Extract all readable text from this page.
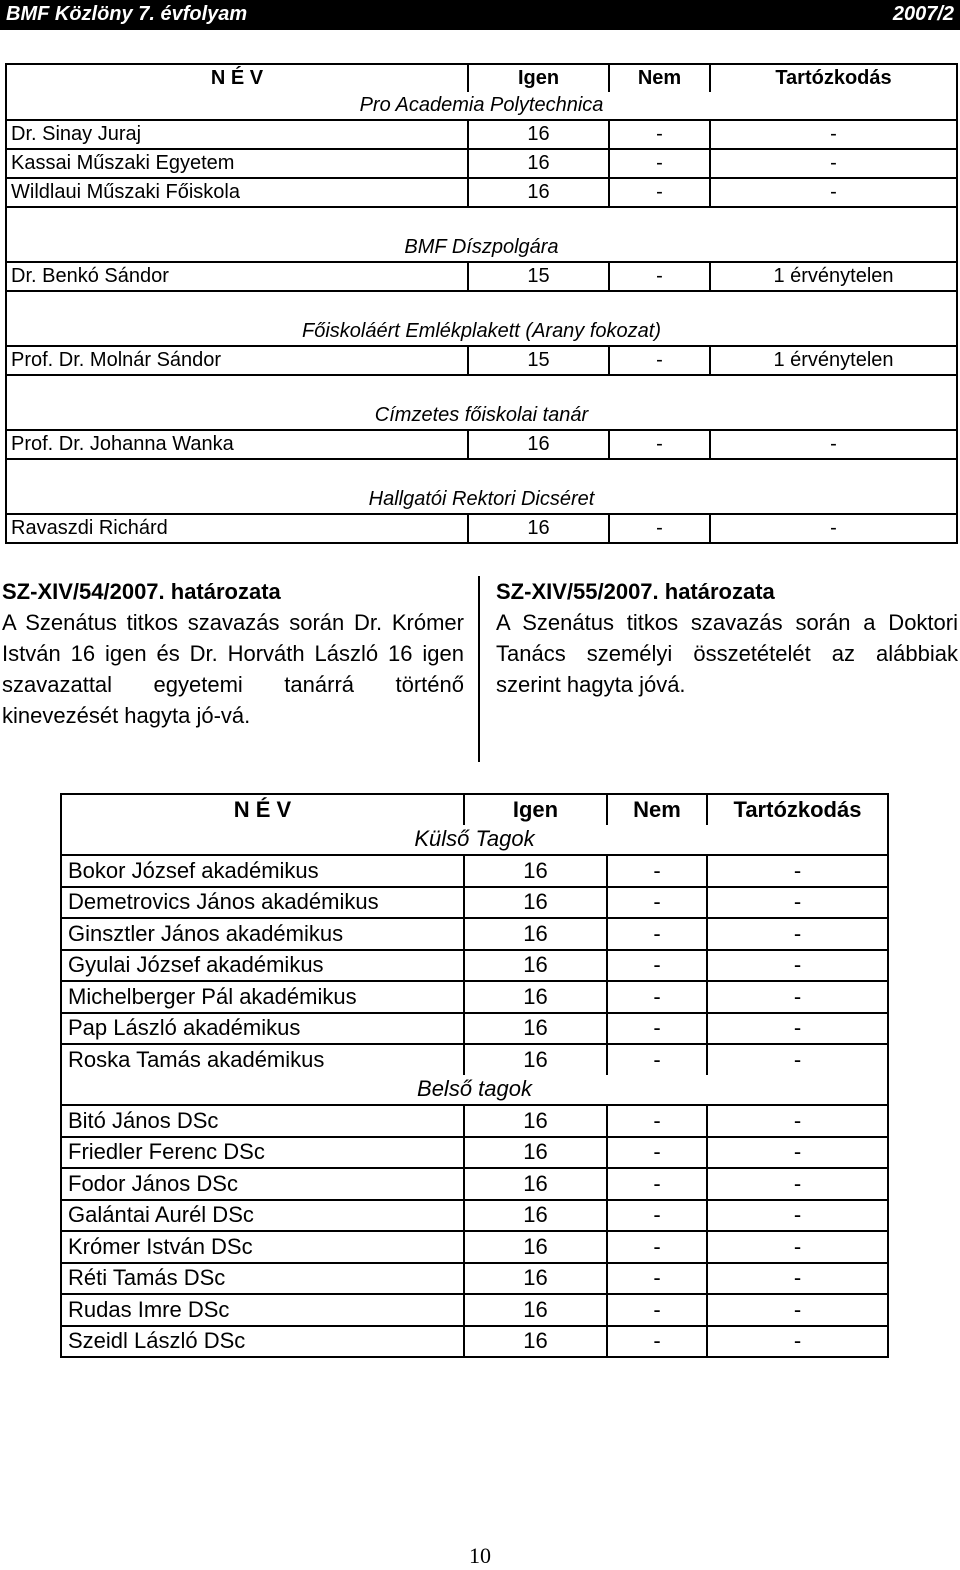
BMF Közlöny 7. évfolyam	2007/2
N É V	Igen	Nem	Tartózkodás
Pro Academia Polytechnica			
Dr. Sinay Juraj	16	-	-
Kassai Műszaki Egyetem	16	-	-
Wildlaui Műszaki Főiskola	16	-	-

BMF Díszpolgára			
Dr. Benkó Sándor	15	-	1 érvénytelen

Főiskoláért Emlékplakett (Arany fokozat)			
Prof. Dr. Molnár Sándor	15	-	1 érvénytelen

Címzetes főiskolai tanár			
Prof. Dr. Johanna Wanka	16	-	-

Hallgatói Rektori Dicséret			
Ravaszdi Richárd	16	-	-
SZ-XIV/54/2007. határozata
A Szenátus titkos szavazás során Dr. Krómer István 16 igen és Dr. Horváth László 16 igen szavazattal egyetemi tanárrá történő kinevezését hagyta jó-vá.
SZ-XIV/55/2007. határozata
A Szenátus titkos szavazás során a Doktori Tanács személyi összetételét az alábbiak szerint hagyta jóvá.
N É V	Igen	Nem	Tartózkodás
Külső Tagok			
Bokor József akadémikus	16	-	-
Demetrovics János akadémikus	16	-	-
Ginsztler János akadémikus	16	-	-
Gyulai József akadémikus	16	-	-
Michelberger Pál akadémikus	16	-	-
Pap László akadémikus	16	-	-
Roska Tamás akadémikus	16	-	-
Belső tagok			
Bitó János DSc	16	-	-
Friedler Ferenc DSc	16	-	-
Fodor János DSc	16	-	-
Galántai Aurél DSc	16	-	-
Krómer István DSc	16	-	-
Réti Tamás DSc	16	-	-
Rudas Imre DSc	16	-	-
Szeidl László DSc	16	-	-
10
